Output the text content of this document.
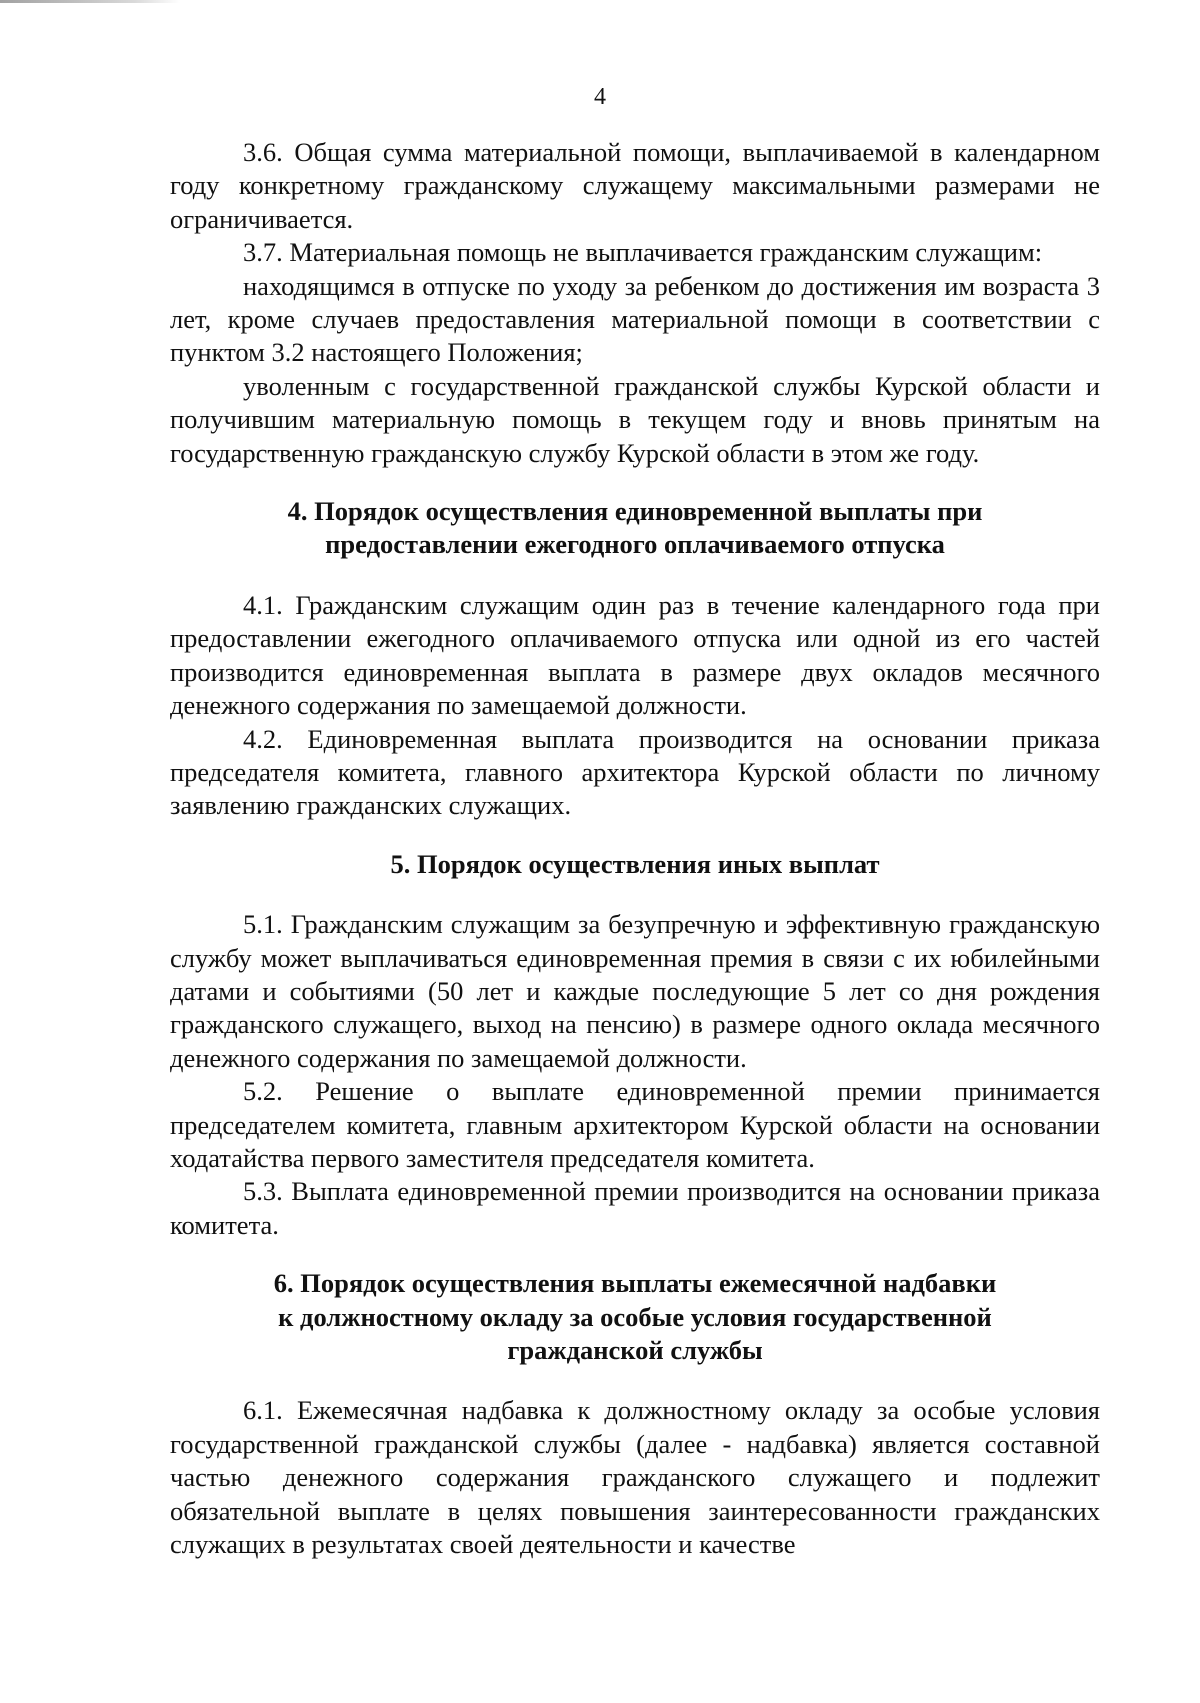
4

3.6. Общая сумма материальной помощи, выплачиваемой в календарном году конкретному гражданскому служащему максимальными размерами не ограничивается.

3.7. Материальная помощь не выплачивается гражданским служащим:

находящимся в отпуске по уходу за ребенком до достижения им возраста 3 лет, кроме случаев предоставления материальной помощи в соответствии с пунктом 3.2 настоящего Положения;

уволенным с государственной гражданской службы Курской области и получившим материальную помощь в текущем году и вновь принятым на государственную гражданскую службу Курской области в этом же году.

4. Порядок осуществления единовременной выплаты при

предоставлении ежегодного оплачиваемого отпуска

4.1. Гражданским служащим один раз в течение календарного года при предоставлении ежегодного оплачиваемого отпуска или одной из его частей производится единовременная выплата в размере двух окладов месячного денежного содержания по замещаемой должности.

4.2. Единовременная выплата производится на основании приказа председателя комитета, главного архитектора Курской области по личному заявлению гражданских служащих.

5. Порядок осуществления иных выплат

5.1. Гражданским служащим за безупречную и эффективную гражданскую службу может выплачиваться единовременная премия в связи с их юбилейными датами и событиями (50 лет и каждые последующие 5 лет со дня рождения гражданского служащего, выход на пенсию) в размере одного оклада месячного денежного содержания по замещаемой должности.

5.2. Решение о выплате единовременной премии принимается председателем комитета, главным архитектором Курской области на основании ходатайства первого заместителя председателя комитета.

5.3. Выплата единовременной премии производится на основании приказа комитета.

6. Порядок осуществления выплаты ежемесячной надбавки

к должностному окладу за особые условия государственной

гражданской службы

6.1. Ежемесячная надбавка к должностному окладу за особые условия государственной гражданской службы (далее - надбавка) является составной частью денежного содержания гражданского служащего и подлежит обязательной выплате в целях повышения заинтересованности гражданских служащих в результатах своей деятельности и качестве
